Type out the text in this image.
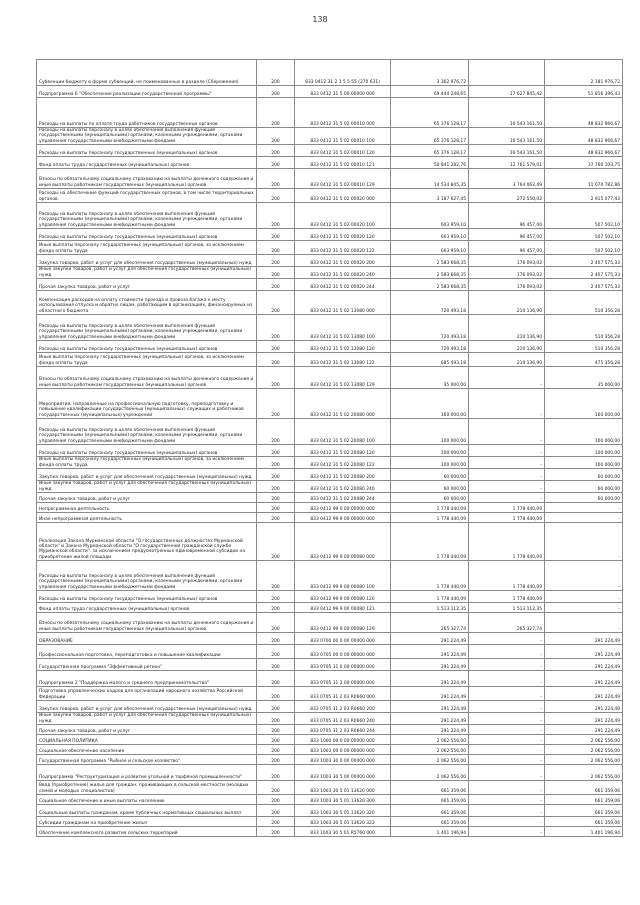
138
Субвенции бюджету в форме субвенций, не поименованных в разделе (Сбережения)	200	833 0412 31 2 1 5 5 55 (270 631)	3 362 976,72		2 181 976,72
Подпрограмма 6 "Обеспечение реализации государственной программы"	200	833 0412 31 5 00 00000 000	69 444 248,65	17 627 845,42	51 816 396,43
Расходы на выплаты по оплате труда работников государственных органов	200	833 0412 31 5 02 00010 000	65 376 128,17	16 543 161,50	48 832 966,67
Расходы на выплаты персоналу в целях обеспечения выполнения функций государственными (муниципальными) органами, казенными учреждениями, органами управления государственными внебюджетными фондами	200	833 0412 31 5 02 00010 100	65 376 128,17	16 543 161,50	48 832 966,67
Расходы на выплаты персоналу государственных (муниципальных) органов	200	833 0412 31 5 02 00010 120	65 376 128,17	16 543 161,50	48 832 966,67
Фонд оплаты труда государственных (муниципальных) органов	200	833 0412 31 5 02 00010 121	50 841 282,76	12 761 579,01	37 760 103,75
Взносы по обязательному социальному страхованию на выплаты денежного содержания и иные выплаты работникам государственных (муниципальных) органов	200	833 0412 31 5 02 00010 129	14 534 845,35	3 764 062,49	11 070 782,86
Расходы на обеспечение функций государственных органов, в том числе территориальных органов	200	833 0412 31 5 02 00020 000	3 187 627,45	272 550,02	2 915 077,43
Расходы на выплаты персоналу в целях обеспечения выполнения функций государственными (муниципальными) органами, казенными учреждениями, органами управления государственными внебюджетными фондами	200	833 0412 31 5 02 00020 100	603 959,10	96 457,00	507 502,10
Расходы на выплаты персоналу государственных (муниципальных) органов	200	833 0412 31 5 02 00020 120	603 959,10	96 457,00	507 502,10
Иные выплаты персоналу государственных (муниципальных) органов, за исключением фонда оплаты труда	200	833 0412 31 5 02 00020 122	603 959,10	96 457,00	507 502,10
Закупка товаров, работ и услуг для обеспечения государственных (муниципальных) нужд	200	833 0412 31 5 02 00020 200	2 583 668,35	176 093,02	2 407 575,33
Иные закупки товаров, работ и услуг для обеспечения государственных (муниципальных) нужд	200	833 0412 31 5 02 00020 240	2 583 668,35	176 093,02	2 407 575,33
Прочая закупка товаров, работ и услуг	200	833 0412 31 5 02 00020 244	2 583 668,35	176 093,02	2 407 575,33
Компенсация расходов на оплату стоимости проезда и провоза багажа к месту использования отпуска и обратно лицам, работающим в организациях, финансируемых из областного бюджета	200	833 0412 31 5 02 13080 000	720 493,18	210 136,90	510 356,28
Расходы на выплаты персоналу в целях обеспечения выполнения функций государственными (муниципальными) органами, казенными учреждениями, органами управления государственными внебюджетными фондами	200	833 0412 31 5 02 13080 100	720 493,18	210 136,90	510 356,28
Расходы на выплаты персоналу государственных (муниципальных) органов	200	833 0412 31 5 02 13080 120	720 493,18	210 136,90	510 356,28
Иные выплаты персоналу государственных (муниципальных) органов, за исключением фонда оплаты труда	200	833 0412 31 5 02 13080 122	685 493,18	210 136,90	475 356,28
Взносы по обязательному социальному страхованию на выплаты денежного содержания и иные выплаты работникам государственных (муниципальных) органов	200	833 0412 31 5 02 13080 129	35 000,00	-	35 000,00
Мероприятия, направленные на профессиональную подготовку, переподготовку и повышение квалификации государственных (муниципальных) служащих и работников государственных (муниципальных) учреждений	200	833 0412 31 5 02 20080 000	160 000,00	-	160 000,00
Расходы на выплаты персоналу в целях обеспечения выполнения функций государственными (муниципальными) органами, казенными учреждениями, органами управления государственными внебюджетными фондами	200	833 0412 31 5 02 20080 100	100 000,00	-	100 000,00
Расходы на выплаты персоналу государственных (муниципальных) органов	200	833 0412 31 5 02 20080 120	100 000,00	-	100 000,00
Иные выплаты персоналу государственных (муниципальных) органов, за исключением фонда оплаты труда	200	833 0412 31 5 02 20080 122	100 000,00	-	100 000,00
Закупка товаров, работ и услуг для обеспечения государственных (муниципальных) нужд	200	833 0412 31 5 02 20080 200	60 000,00	-	60 000,00
Иные закупки товаров, работ и услуг для обеспечения государственных (муниципальных) нужд	200	833 0412 31 5 02 20080 240	60 000,00	-	60 000,00
Прочая закупка товаров, работ и услуг	200	833 0412 31 5 02 20080 244	60 000,00	-	60 000,00
Непрограммная деятельность	200	833 0412 99 0 00 00000 000	1 778 440,09	1 778 440,09	-
Иная непрограммная деятельность	200	833 0412 99 9 00 00000 000	1 778 440,09	1 778 440,09	-
Реализация Закона Мурманской области "О государственных должностях Мурманской области" и Закона Мурманской области "О государственной гражданской службе Мурманской области", за исключением предусмотренных единовременной субсидии на приобретение жилой площади	200	833 0412 99 9 00 00080 000	1 778 440,09	1 778 440,09	-
Расходы на выплаты персоналу в целях обеспечения выполнения функций государственными (муниципальными) органами, казенными учреждениями, органами управления государственными внебюджетными фондами	200	833 0412 99 9 00 00080 100	1 778 440,09	1 778 440,09	-
Расходы на выплаты персоналу государственных (муниципальных) органов	200	833 0412 99 9 00 00080 120	1 778 440,09	1 778 440,09	-
Фонд оплаты труда государственных (муниципальных) органов	200	833 0412 99 9 00 00080 121	1 513 112,35	1 513 112,35	-
Взносы по обязательному социальному страхованию на выплаты денежного содержания и иные выплаты работникам государственных (муниципальных) органов	200	833 0412 99 9 00 00080 129	265 327,74	265 327,74	-
ОБРАЗОВАНИЕ	200	833 0700 00 0 00 00000 000	291 224,49	-	291 224,49
Профессиональная подготовка, переподготовка и повышение квалификации	200	833 0705 00 0 00 00000 000	291 224,49	-	291 224,49
Государственная программа "Эффективный регион"	200	833 0705 31 0 00 00000 000	291 224,49	-	291 224,49
Подпрограмма 2 "Поддержка малого и среднего предпринимательства"	200	833 0705 31 2 00 00000 000	291 224,49	-	291 224,49
Подготовка управленческих кадров для организаций народного хозяйства Российской Федерации	200	833 0705 31 2 03 R0660 000	291 224,49	-	291 224,49
Закупка товаров, работ и услуг для обеспечения государственных (муниципальных) нужд	200	833 0705 31 2 03 R0660 200	291 224,49	-	291 224,49
Иные закупки товаров, работ и услуг для обеспечения государственных (муниципальных) нужд	200	833 0705 31 2 03 R0660 240	291 224,49	-	291 224,49
Прочая закупка товаров, работ и услуг	200	833 0705 31 2 03 R0660 244	291 224,49	-	291 224,49
СОЦИАЛЬНАЯ ПОЛИТИКА	200	833 1000 00 0 00 00000 000	2 062 556,00	-	2 062 556,00
Социальное обеспечение населения	200	833 1003 00 0 00 00000 000	2 062 556,00	-	2 062 556,00
Государственная программа "Рыбное и сельское хозяйство"	200	833 1003 30 0 00 00000 000	2 062 556,00	-	2 062 556,00
Подпрограмма "Реструктуризация и развитие угольной и торфяной промышленности"	200	833 1003 30 5 00 00000 000	2 062 556,00	-	2 062 556,00
Ввод (приобретение) жилья для граждан, проживающих в сельской местности (молодых семей и молодых специалистов)	200	833 1003 30 5 01 13620 000	661 359,06	-	661 359,06
Социальное обеспечение и иные выплаты населению	200	833 1003 30 5 01 13620 300	661 359,06	-	661 359,06
Социальные выплаты гражданам, кроме публичных нормативных социальных выплат	200	833 1003 30 5 01 13620 320	661 359,06	-	661 359,06
Субсидии гражданам на приобретение жилья	200	833 1003 30 5 01 13620 322	661 359,06	-	661 359,06
Обеспечение комплексного развития сельских территорий	200	833 1003 30 5 01 R5760 000	1 401 196,94	-	1 401 196,94
